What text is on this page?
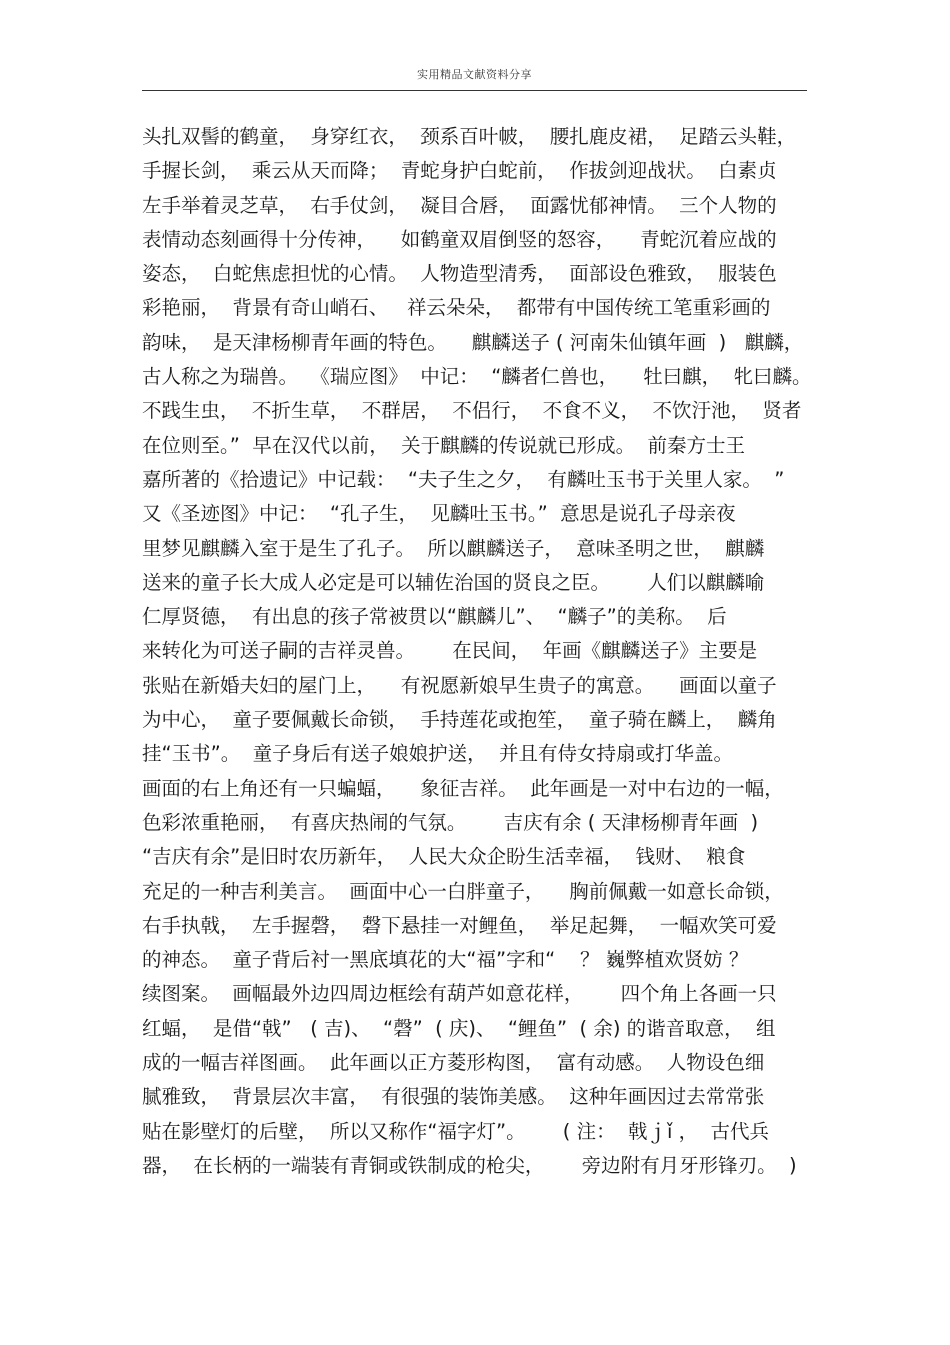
实用精品文献资料分享
头扎双髻的鹤童，  身穿红衣，  颈系百叶帔，  腰扎鹿皮裙，  足踏云头鞋，
手握长剑，  乘云从天而降；  青蛇身护白蛇前，  作拔剑迎战状。  白素贞
左手举着灵芝草，  右手仗剑，  凝目合唇，  面露忧郁神情。  三个人物的
表情动态刻画得十分传神，    如鹤童双眉倒竖的怒容，    青蛇沉着应战的
姿态，  白蛇焦虑担忧的心情。  人物造型清秀，  面部设色雅致，  服装色
彩艳丽，  背景有奇山峭石、   祥云朵朵，  都带有中国传统工笔重彩画的
韵味，  是天津杨柳青年画的特色。    麒麟送子 ( 河南朱仙镇年画  )   麒麟，
古人称之为瑞兽。  《瑞应图》  中记：  “麟者仁兽也，    牡曰麒，  牝曰麟。
不践生虫，  不折生草，  不群居，  不侣行，  不食不义，  不饮汙池，  贤者
在位则至。”  早在汉代以前，  关于麒麟的传说就已形成。  前秦方士王
嘉所著的《拾遗记》中记载：  “夫子生之夕，  有麟吐玉书于关里人家。  ”
又《圣迹图》中记：  “孔子生，  见麟吐玉书。”  意思是说孔子母亲夜
里梦见麒麟入室于是生了孔子。  所以麒麟送子，  意味圣明之世，  麒麟
送来的童子长大成人必定是可以辅佐治国的贤良之臣。      人们以麒麟喻
仁厚贤德，  有出息的孩子常被贯以“麒麟儿”、  “麟子”的美称。  后
来转化为可送子嗣的吉祥灵兽。      在民间，  年画《麒麟送子》主要是
张贴在新婚夫妇的屋门上，    有祝愿新娘早生贵子的寓意。    画面以童子
为中心，  童子要佩戴长命锁，  手持莲花或抱笙，  童子骑在麟上，  麟角
挂“玉书”。  童子身后有送子娘娘护送，  并且有侍女持扇或打华盖。
画面的右上角还有一只蝙蝠，    象征吉祥。  此年画是一对中右边的一幅，
色彩浓重艳丽，  有喜庆热闹的气氛。      吉庆有余 ( 天津杨柳青年画  )
“吉庆有余”是旧时农历新年，  人民大众企盼生活幸福，  钱财、  粮食
充足的一种吉利美言。  画面中心一白胖童子，    胸前佩戴一如意长命锁，
右手执戟，  左手握磬，  磬下悬挂一对鲤鱼，  举足起舞，  一幅欢笑可爱
的神态。  童子背后衬一黑底填花的大“福”字和“    ？ 巍弊植欢贤妨 ？
续图案。  画幅最外边四周边框绘有葫芦如意花样，      四个角上各画一只
红蝠，  是借“戟”   ( 吉)、  “磬”  ( 庆)、  “鲤鱼”  ( 余) 的谐音取意，  组
成的一幅吉祥图画。  此年画以正方菱形构图，  富有动感。  人物设色细
腻雅致，  背景层次丰富，  有很强的装饰美感。  这种年画因过去常常张
贴在影壁灯的后壁，  所以又称作“福字灯”。      ( 注：  戟ｊǐ ，  古代兵
器，  在长柄的一端装有青铜或铁制成的枪尖，      旁边附有月牙形锋刃。  )
